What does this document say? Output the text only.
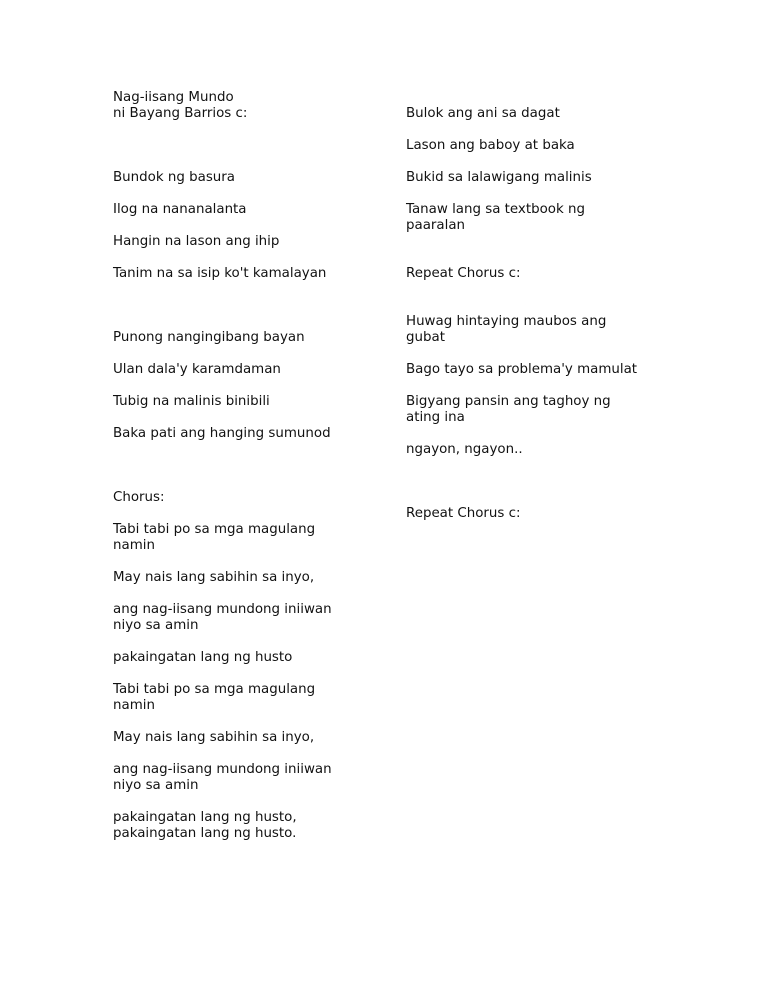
Nag-iisang Mundo
ni Bayang Barrios c:
Bundok ng basura
Ilog na nananalanta
Hangin na lason ang ihip
Tanim na sa isip ko't kamalayan
Punong nangingibang bayan
Ulan dala'y karamdaman
Tubig na malinis binibili
Baka pati ang hanging sumunod
Chorus:
Tabi tabi po sa mga magulang
namin
May nais lang sabihin sa inyo,
ang nag-iisang mundong iniiwan
niyo sa amin
pakaingatan lang ng husto
Tabi tabi po sa mga magulang
namin
May nais lang sabihin sa inyo,
ang nag-iisang mundong iniiwan
niyo sa amin
pakaingatan lang ng husto,
pakaingatan lang ng husto.
Bulok ang ani sa dagat
Lason ang baboy at baka
Bukid sa lalawigang malinis
Tanaw lang sa textbook ng
paaralan
Repeat Chorus c:
Huwag hintaying maubos ang
gubat
Bago tayo sa problema'y mamulat
Bigyang pansin ang taghoy ng
ating ina
ngayon, ngayon..
Repeat Chorus c:
